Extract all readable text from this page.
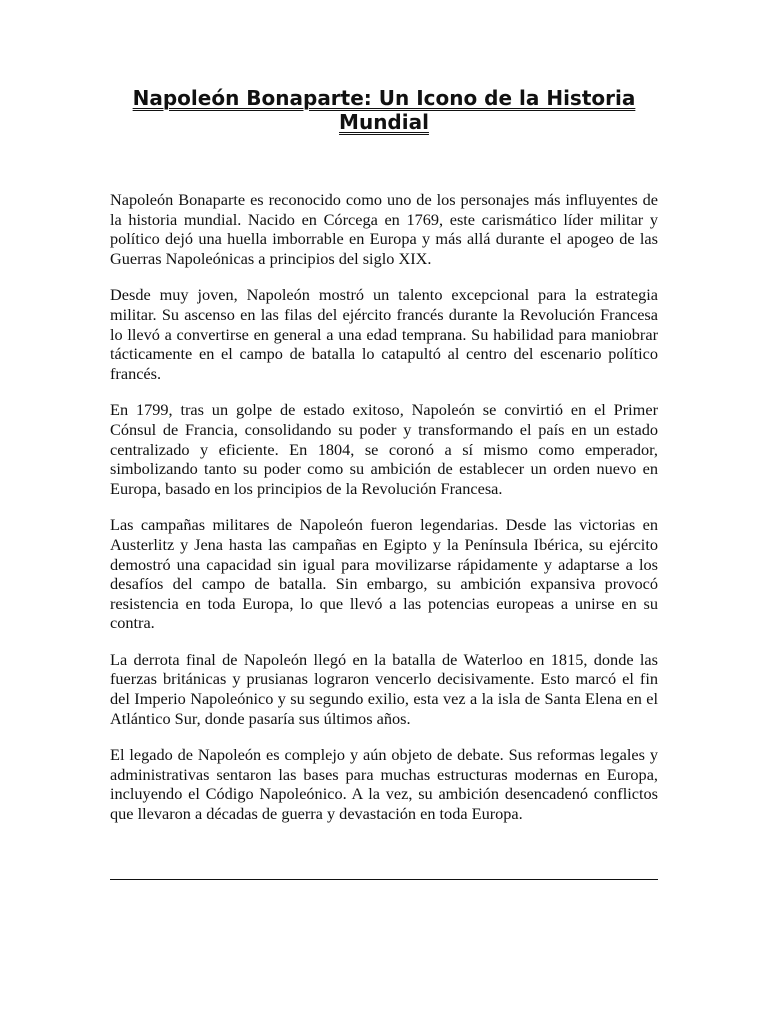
Napoleón Bonaparte: Un Icono de la Historia Mundial

Napoleón Bonaparte es reconocido como uno de los personajes más influyentes de la historia mundial. Nacido en Córcega en 1769, este carismático líder militar y político dejó una huella imborrable en Europa y más allá durante el apogeo de las Guerras Napoleónicas a principios del siglo XIX.

Desde muy joven, Napoleón mostró un talento excepcional para la estrategia militar. Su ascenso en las filas del ejército francés durante la Revolución Francesa lo llevó a convertirse en general a una edad temprana. Su habilidad para maniobrar tácticamente en el campo de batalla lo catapultó al centro del escenario político francés.

En 1799, tras un golpe de estado exitoso, Napoleón se convirtió en el Primer Cónsul de Francia, consolidando su poder y transformando el país en un estado centralizado y eficiente. En 1804, se coronó a sí mismo como emperador, simbolizando tanto su poder como su ambición de establecer un orden nuevo en Europa, basado en los principios de la Revolución Francesa.

Las campañas militares de Napoleón fueron legendarias. Desde las victorias en Austerlitz y Jena hasta las campañas en Egipto y la Península Ibérica, su ejército demostró una capacidad sin igual para movilizarse rápidamente y adaptarse a los desafíos del campo de batalla. Sin embargo, su ambición expansiva provocó resistencia en toda Europa, lo que llevó a las potencias europeas a unirse en su contra.

La derrota final de Napoleón llegó en la batalla de Waterloo en 1815, donde las fuerzas británicas y prusianas lograron vencerlo decisivamente. Esto marcó el fin del Imperio Napoleónico y su segundo exilio, esta vez a la isla de Santa Elena en el Atlántico Sur, donde pasaría sus últimos años.

El legado de Napoleón es complejo y aún objeto de debate. Sus reformas legales y administrativas sentaron las bases para muchas estructuras modernas en Europa, incluyendo el Código Napoleónico. A la vez, su ambición desencadenó conflictos que llevaron a décadas de guerra y devastación en toda Europa.
